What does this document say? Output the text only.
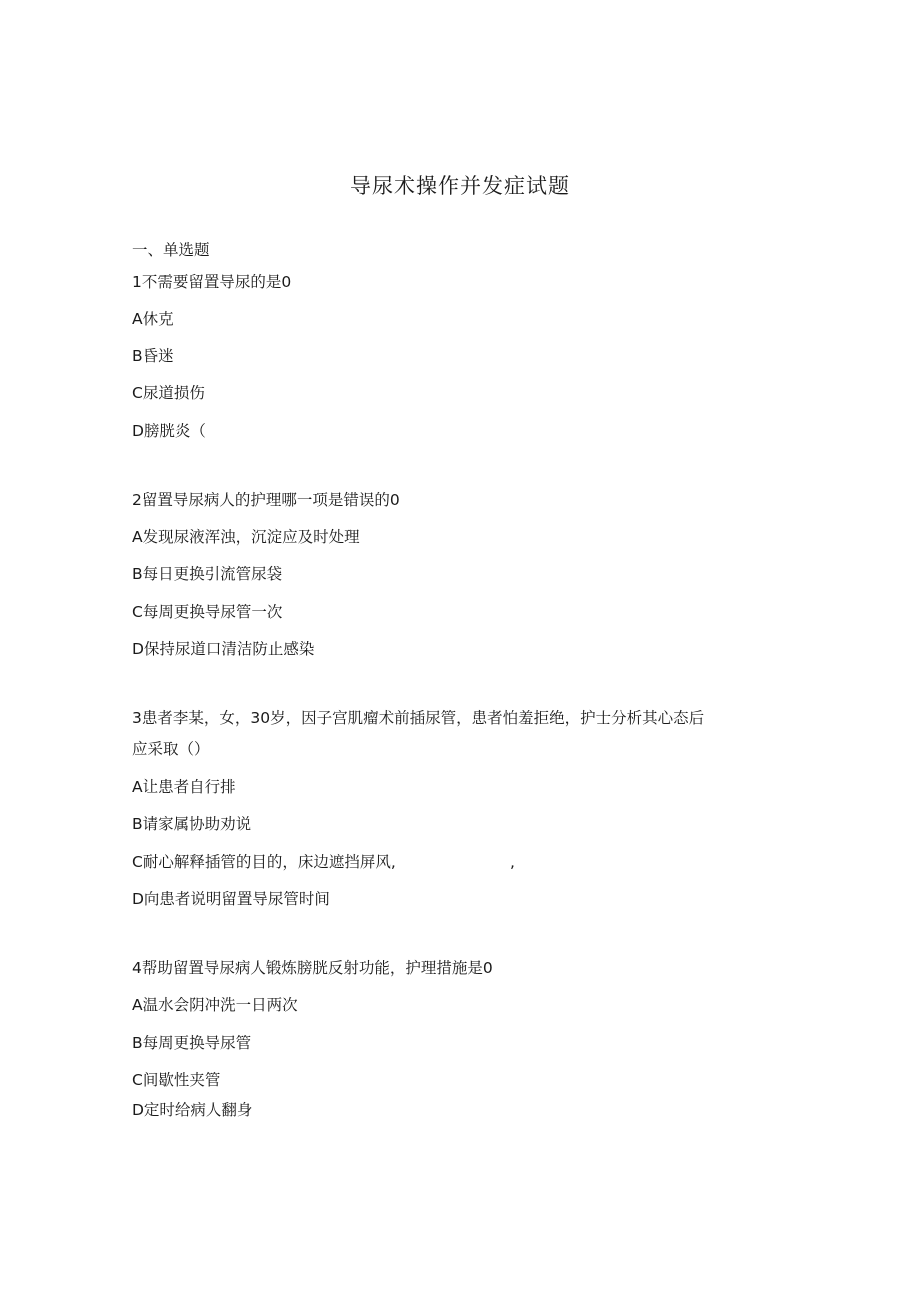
导尿术操作并发症试题
一、单选题
1不需要留置导尿的是0
A休克
B昏迷
C尿道损伤
D膀胱炎（
2留置导尿病人的护理哪一项是错误的0
A发现尿液浑浊，沉淀应及时处理
B每日更换引流管尿袋
C每周更换导尿管一次
D保持尿道口清洁防止感染
3患者李某，女，30岁，因子宫肌瘤术前插尿管，患者怕羞拒绝，护士分析其心态后
应采取（）
A让患者自行排
B请家属协助劝说
C耐心解释插管的目的，床边遮挡屏风,	,
D向患者说明留置导尿管时间
4帮助留置导尿病人锻炼膀胱反射功能，护理措施是0
A温水会阴冲洗一日两次
B每周更换导尿管
C间歇性夹管
D定时给病人翻身
